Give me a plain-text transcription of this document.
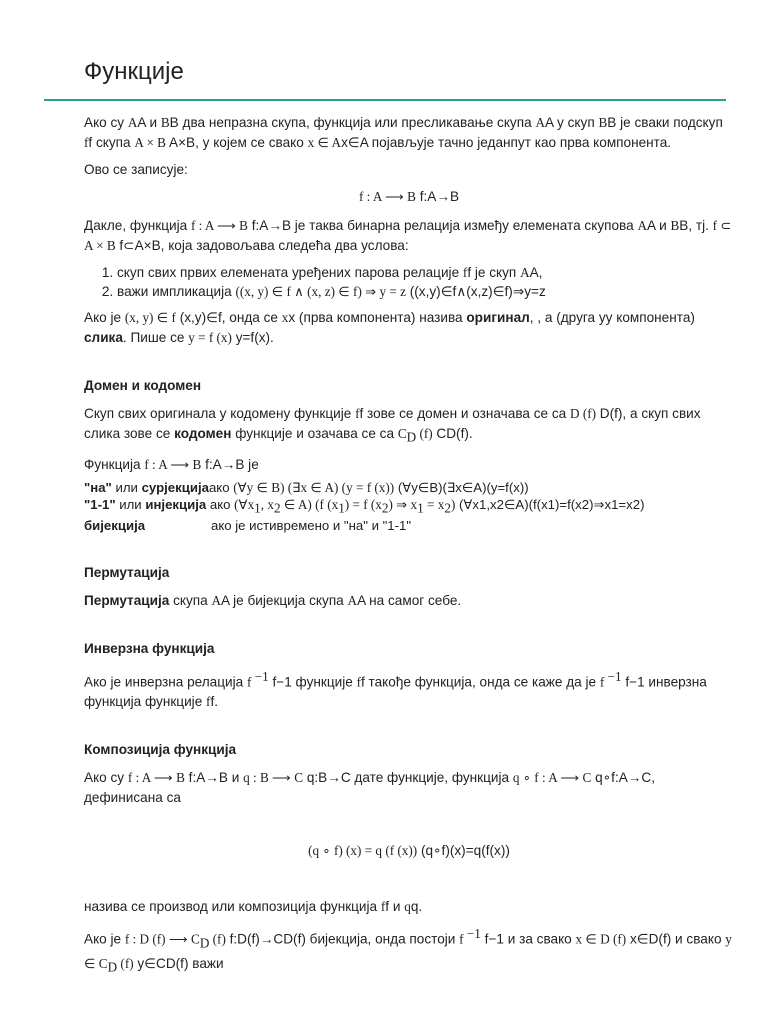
Функције

Ако су AA и BB два непразна скупа, функција или пресликавање скупа AA у скуп BB је сваки подскуп ff скупа A × B A×B, у којем се свако x ∈ Ax∈A појављује тачно једанпут као прва компонента.

Ово се записује:

f : A ⟶ B f:A→B

Дакле, функција f : A ⟶ B f:A→B је таква бинарна релација између елемената скупова AA и BB, тј. f ⊂ A × B f⊂A×B, која задовољава следећа два услова:

1. скуп свих првих елемената уређених парова релације ff је скуп AA,
2. важи импликација ((x, y) ∈ f ∧ (x, z) ∈ f) ⇒ y = z ((x,y)∈f∧(x,z)∈f)⇒y=z

Ако је (x, y) ∈ f (x,y)∈f, онда се xx (прва компонента) назива оригинал, , а (друга уу компонента) слика. Пише се y = f (x) y=f(x).

Домен и кодомен

Скуп свих оригинала у кодомену функције ff зове се домен и означава се са D (f) D(f), а скуп свих слика зове се кодомен функције и озачава се са $C_D$ (f) CD(f).

Функција f : A ⟶ B f:A→B је

"на" или сурјекцијаако (∀y ∈ B) (∃x ∈ A) (y = f (x)) (∀y∈B)(∃x∈A)(y=f(x))
"1-1" или инјекција ако ($\forall x_1$, $x_2$ ∈ A) (f $(x_1) = f$ $(x_2)$ ⇒ $x_1 = x_2$) (∀x1,x2∈A)(f(x1)=f(x2)⇒x1=x2)
бијекција	ако је истивремено и "на" и "1-1"
Пермутација

Пермутација скупа AA је бијекција скупа AA на самог себе.

Инверзна функција

Ако је инверзна релација f $^{-1}$ f−1 функције ff такође функција, онда се каже да је f $^{-1}$ f−1 инверзна функција функције ff.

Композиција функција

Ако су f : A ⟶ B f:A→B и q : B ⟶ C q:B→C дате функције, функција q ∘ f : A ⟶ C q∘f:A→C, дефинисана са

(q ∘ f) (x) = q (f (x)) (q∘f)(x)=q(f(x))

назива се производ или композиција функција ff и qq.

Ако је f : D (f) ⟶ $C_D$ (f) f:D(f)→CD(f) бијекција, онда постоји f $^{-1}$ f−1 и за свако x ∈ D (f) x∈D(f) и свако y ∈ $C_D$ (f) y∈CD(f) важи
